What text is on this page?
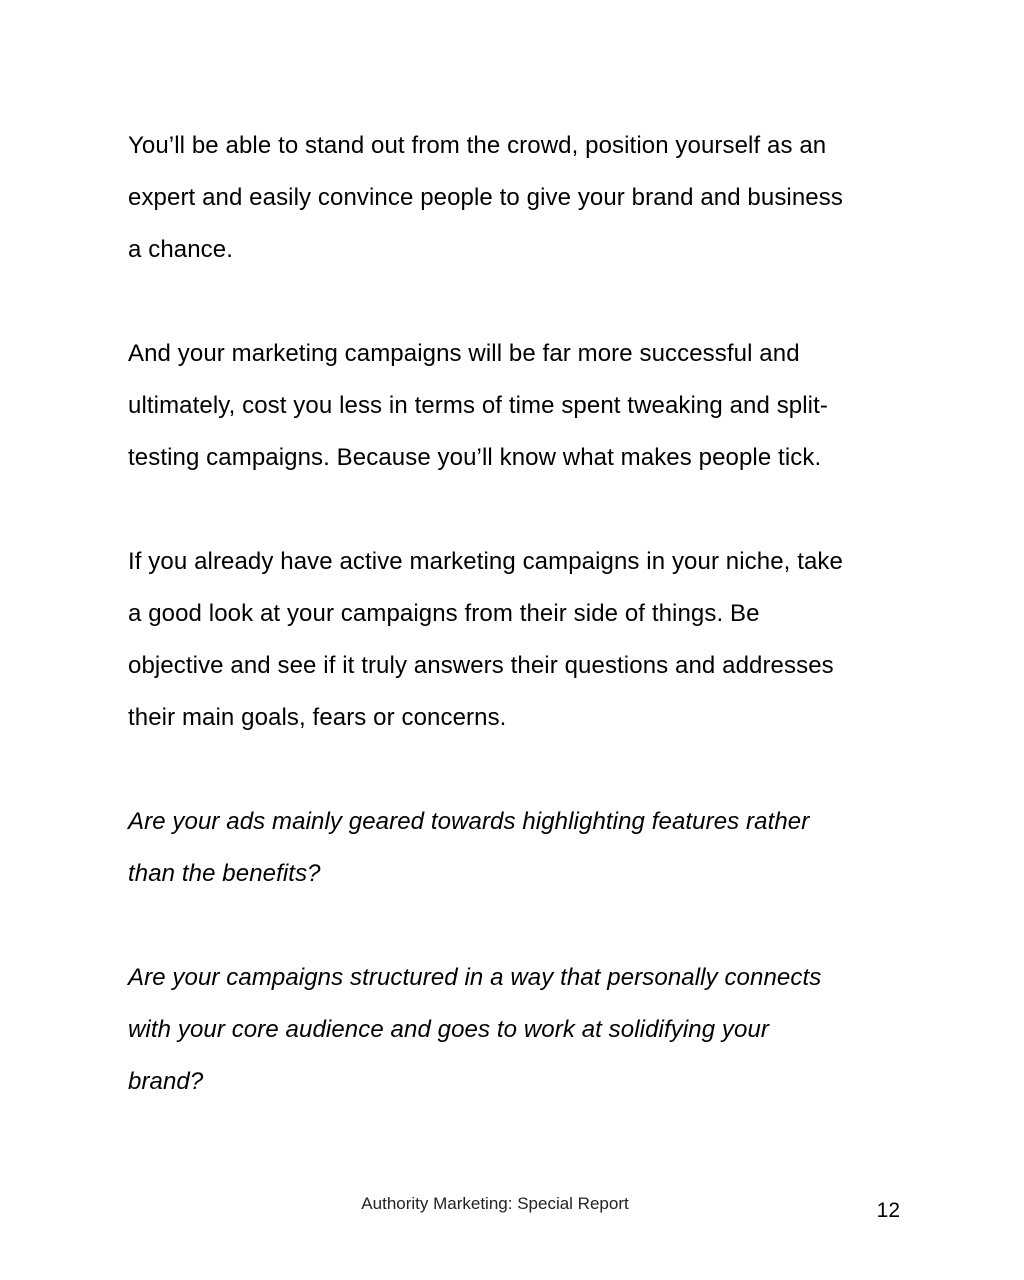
You’ll be able to stand out from the crowd, position yourself as an
expert and easily convince people to give your brand and business
a chance.

And your marketing campaigns will be far more successful and
ultimately, cost you less in terms of time spent tweaking and split-
testing campaigns. Because you’ll know what makes people tick.

If you already have active marketing campaigns in your niche, take
a good look at your campaigns from their side of things. Be
objective and see if it truly answers their questions and addresses
their main goals, fears or concerns.

Are your ads mainly geared towards highlighting features rather
than the benefits?

Are your campaigns structured in a way that personally connects
with your core audience and goes to work at solidifying your
brand?

Authority Marketing: Special Report	12
